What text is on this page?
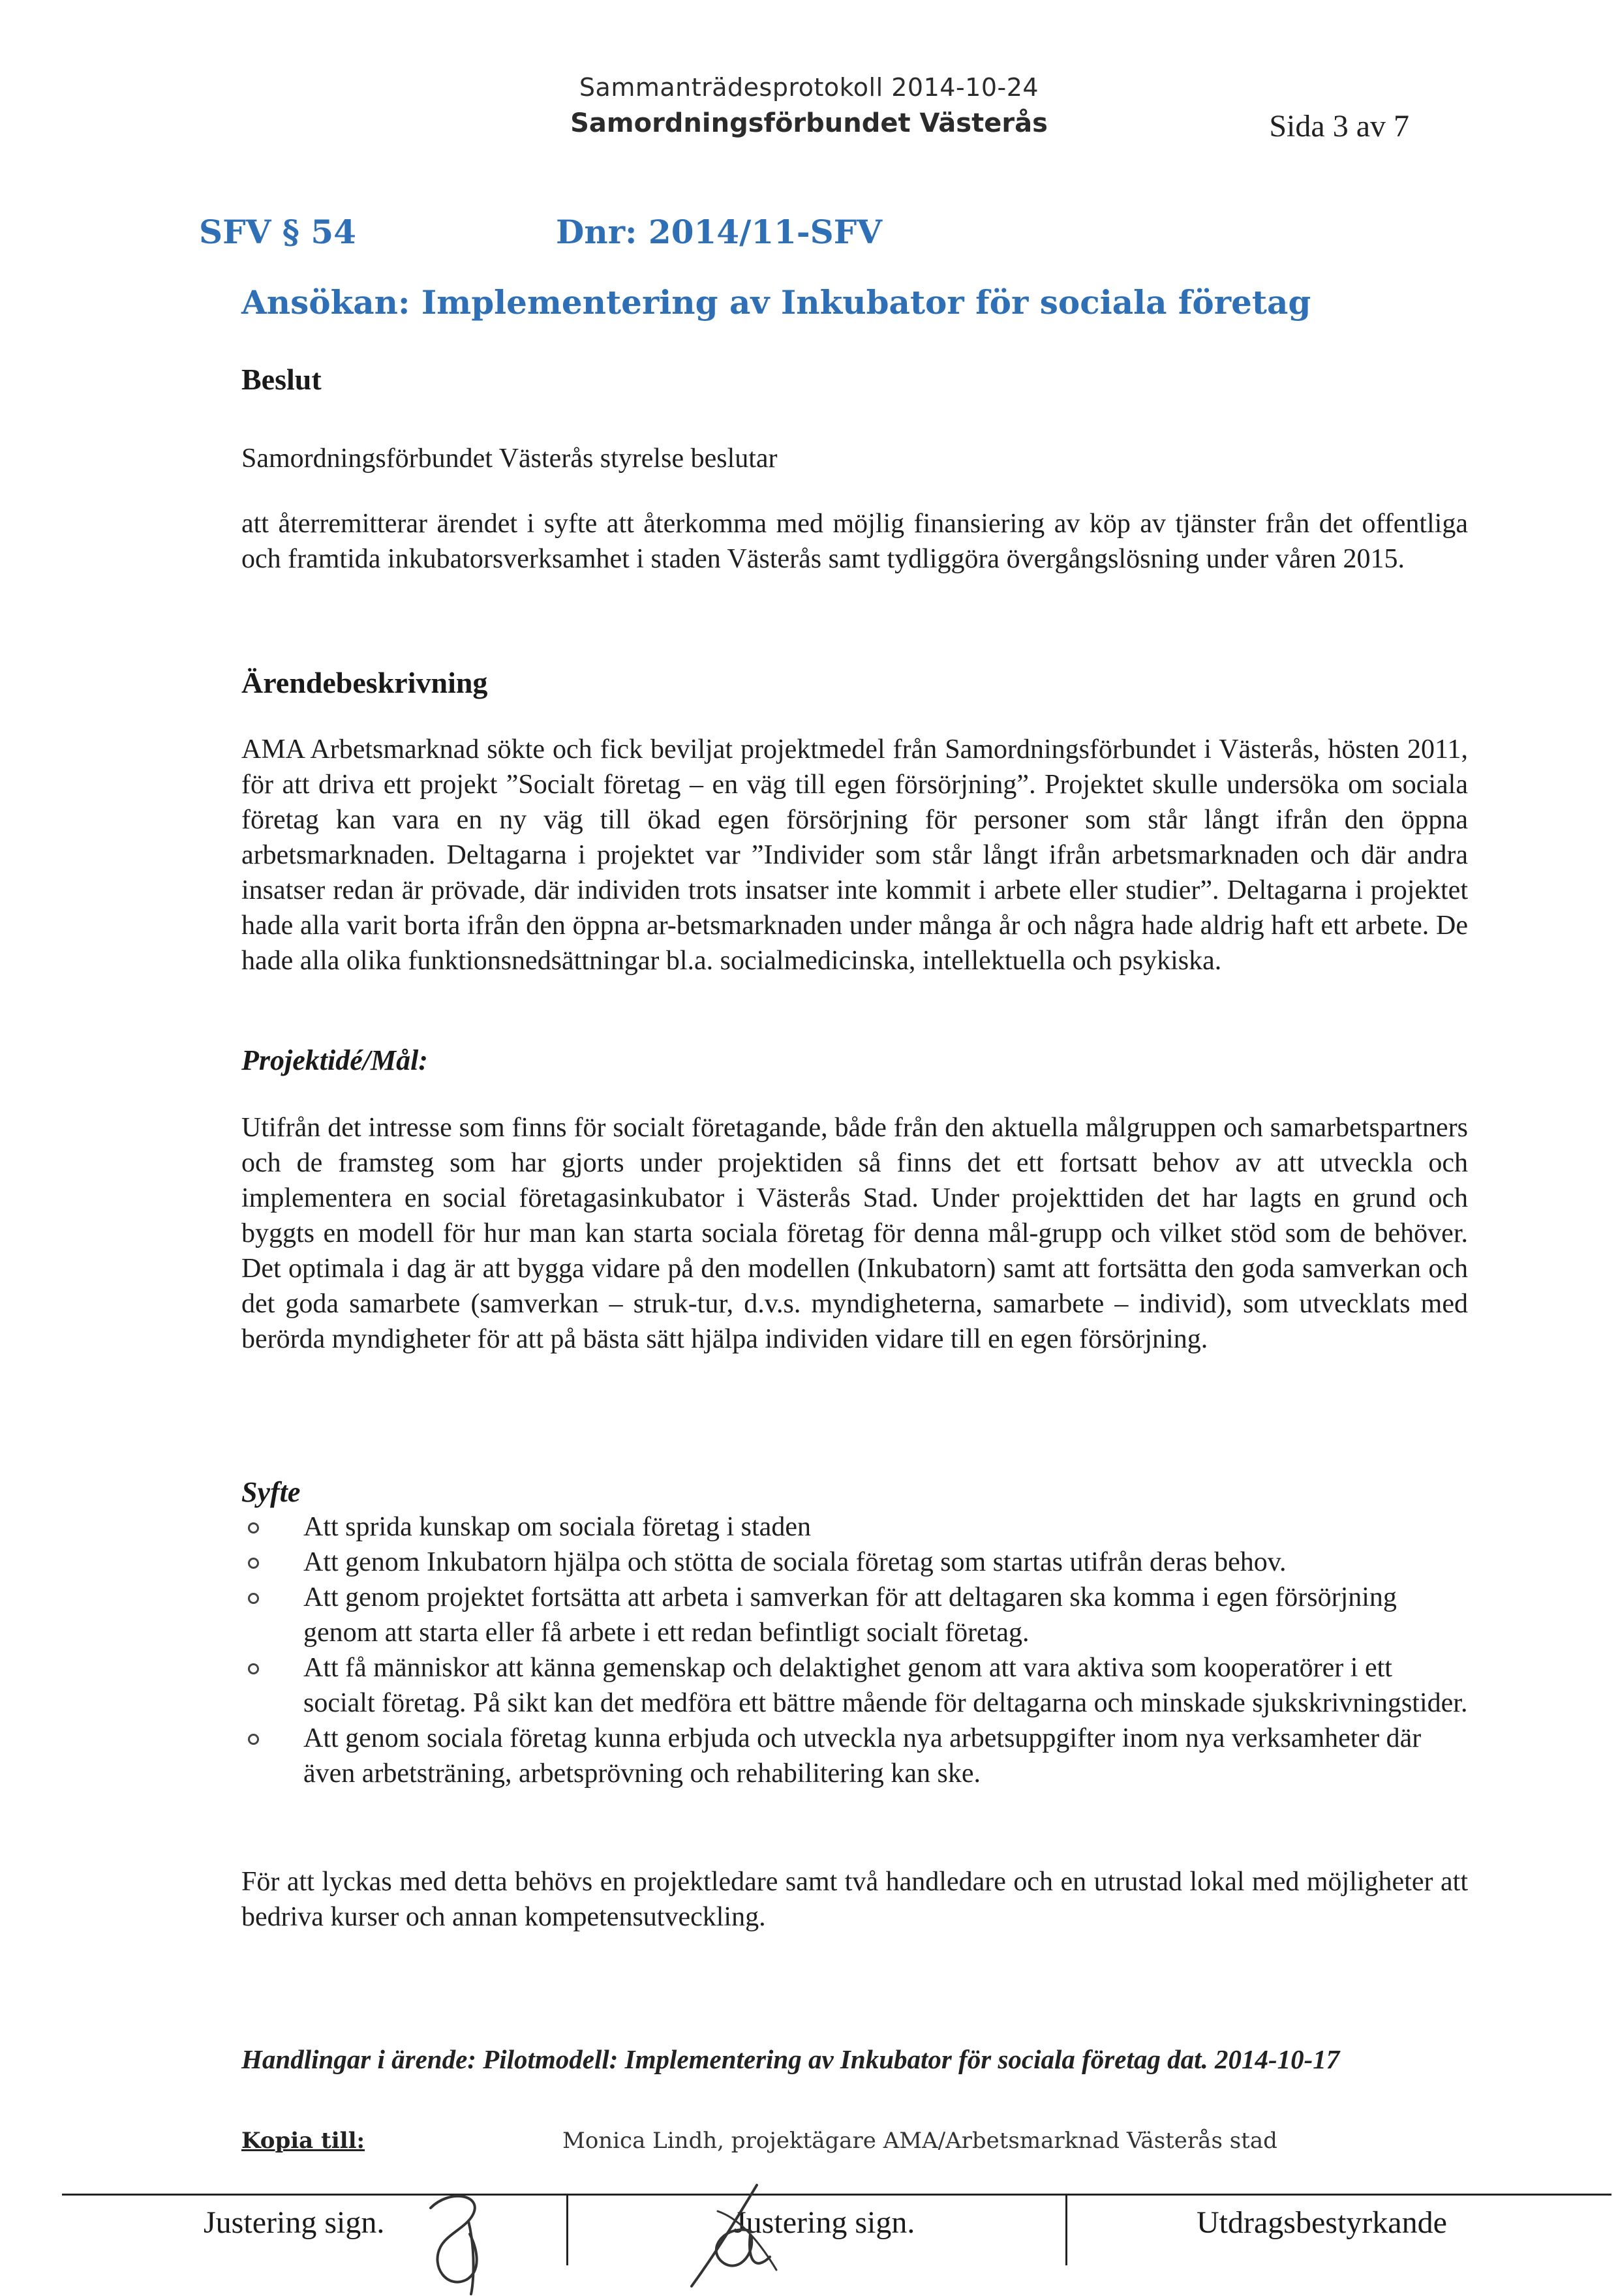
Sammanträdesprotokoll 2014-10-24
Samordningsförbundet Västerås	Sida 3 av 7
SFV § 54	Dnr: 2014/11-SFV
Ansökan: Implementering av Inkubator för sociala företag
Beslut
Samordningsförbundet Västerås styrelse beslutar
att återremitterar ärendet i syfte att återkomma med möjlig finansiering av köp av tjänster från det offentliga och framtida inkubatorsverksamhet i staden Västerås samt tydliggöra övergångslösning under våren 2015.
Ärendebeskrivning
AMA Arbetsmarknad sökte och fick beviljat projektmedel från Samordningsförbundet i Västerås, hösten 2011, för att driva ett projekt ”Socialt företag – en väg till egen försörjning”. Projektet skulle undersöka om sociala företag kan vara en ny väg till ökad egen försörjning för personer som står långt ifrån den öppna arbetsmarknaden. Deltagarna i projektet var ”Individer som står långt ifrån arbetsmarknaden och där andra insatser redan är prövade, där individen trots insatser inte kommit i arbete eller studier”. Deltagarna i projektet hade alla varit borta ifrån den öppna ar-betsmarknaden under många år och några hade aldrig haft ett arbete. De hade alla olika funktionsnedsättningar bl.a. socialmedicinska, intellektuella och psykiska.
Projektidé/Mål:
Utifrån det intresse som finns för socialt företagande, både från den aktuella målgruppen och samarbetspartners och de framsteg som har gjorts under projektiden så finns det ett fortsatt behov av att utveckla och implementera en social företagasinkubator i Västerås Stad. Under projekttiden det har lagts en grund och byggts en modell för hur man kan starta sociala företag för denna mål-grupp och vilket stöd som de behöver. Det optimala i dag är att bygga vidare på den modellen (Inkubatorn) samt att fortsätta den goda samverkan och det goda samarbete (samverkan – struk-tur, d.v.s. myndigheterna, samarbete – individ), som utvecklats med berörda myndigheter för att på bästa sätt hjälpa individen vidare till en egen försörjning.
Syfte
Att sprida kunskap om sociala företag i staden
Att genom Inkubatorn hjälpa och stötta de sociala företag som startas utifrån deras behov.
Att genom projektet fortsätta att arbeta i samverkan för att deltagaren ska komma i egen försörjning genom att starta eller få arbete i ett redan befintligt socialt företag.
Att få människor att känna gemenskap och delaktighet genom att vara aktiva som kooperatörer i ett socialt företag. På sikt kan det medföra ett bättre mående för deltagarna och minskade sjukskrivningstider.
Att genom sociala företag kunna erbjuda och utveckla nya arbetsuppgifter inom nya verksamheter där även arbetsträning, arbetsprövning och rehabilitering kan ske.
För att lyckas med detta behövs en projektledare samt två handledare och en utrustad lokal med möjligheter att bedriva kurser och annan kompetensutveckling.
Handlingar i ärende: Pilotmodell: Implementering av Inkubator för sociala företag dat. 2014-10-17
Kopia till:	Monica Lindh, projektägare AMA/Arbetsmarknad Västerås stad
Justering sign.	Justering sign.	Utdragsbestyrkande
